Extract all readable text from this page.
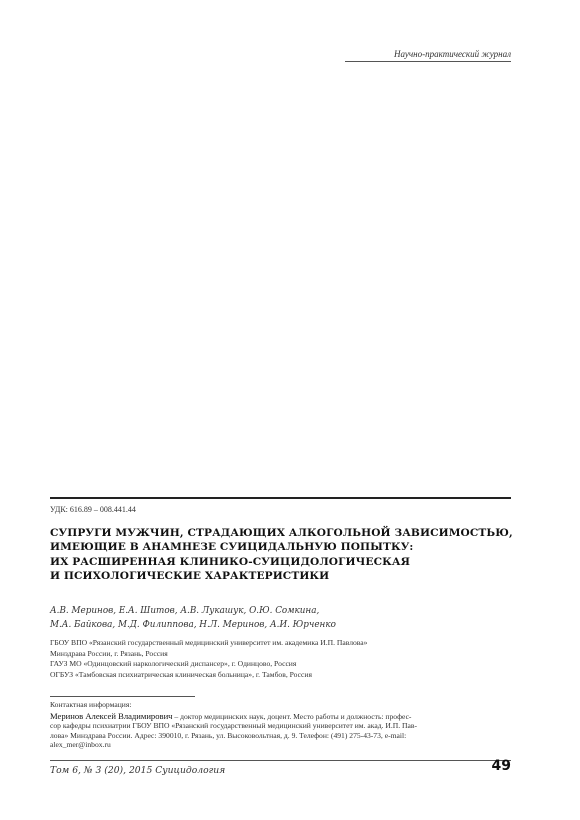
Научно-практический журнал
УДК: 616.89 – 008.441.44
СУПРУГИ МУЖЧИН, СТРАДАЮЩИХ АЛКОГОЛЬНОЙ ЗАВИСИМОСТЬЮ,
ИМЕЮЩИЕ В АНАМНЕЗЕ СУИЦИДАЛЬНУЮ ПОПЫТКУ:
ИХ РАСШИРЕННАЯ КЛИНИКО-СУИЦИДОЛОГИЧЕСКАЯ
И ПСИХОЛОГИЧЕСКИЕ ХАРАКТЕРИСТИКИ
А.В. Меринов, Е.А. Шитов, А.В. Лукашук, О.Ю. Сомкина,
М.А. Байкова, М.Д. Филиппова, Н.Л. Меринов, А.И. Юрченко
ГБОУ ВПО «Рязанский государственный медицинский университет им. академика И.П. Павлова»
Минздрава России, г. Рязань, Россия
ГАУЗ МО «Одинцовский наркологический диспансер», г. Одинцово, Россия
ОГБУЗ «Тамбовская психиатрическая клиническая больница», г. Тамбов, Россия
Контактная информация:
Меринов Алексей Владимирович – доктор медицинских наук, доцент. Место работы и должность: профес-
сор кафедры психиатрии ГБОУ ВПО «Рязанский государственный медицинский университет им. акад. И.П. Пав-
лова» Минздрава России. Адрес: 390010, г. Рязань, ул. Высоковольтная, д. 9. Телефон: (491) 275-43-73, e-mail:
alex_mer@inbox.ru
Том 6, № 3 (20), 2015 Суицидология	49
